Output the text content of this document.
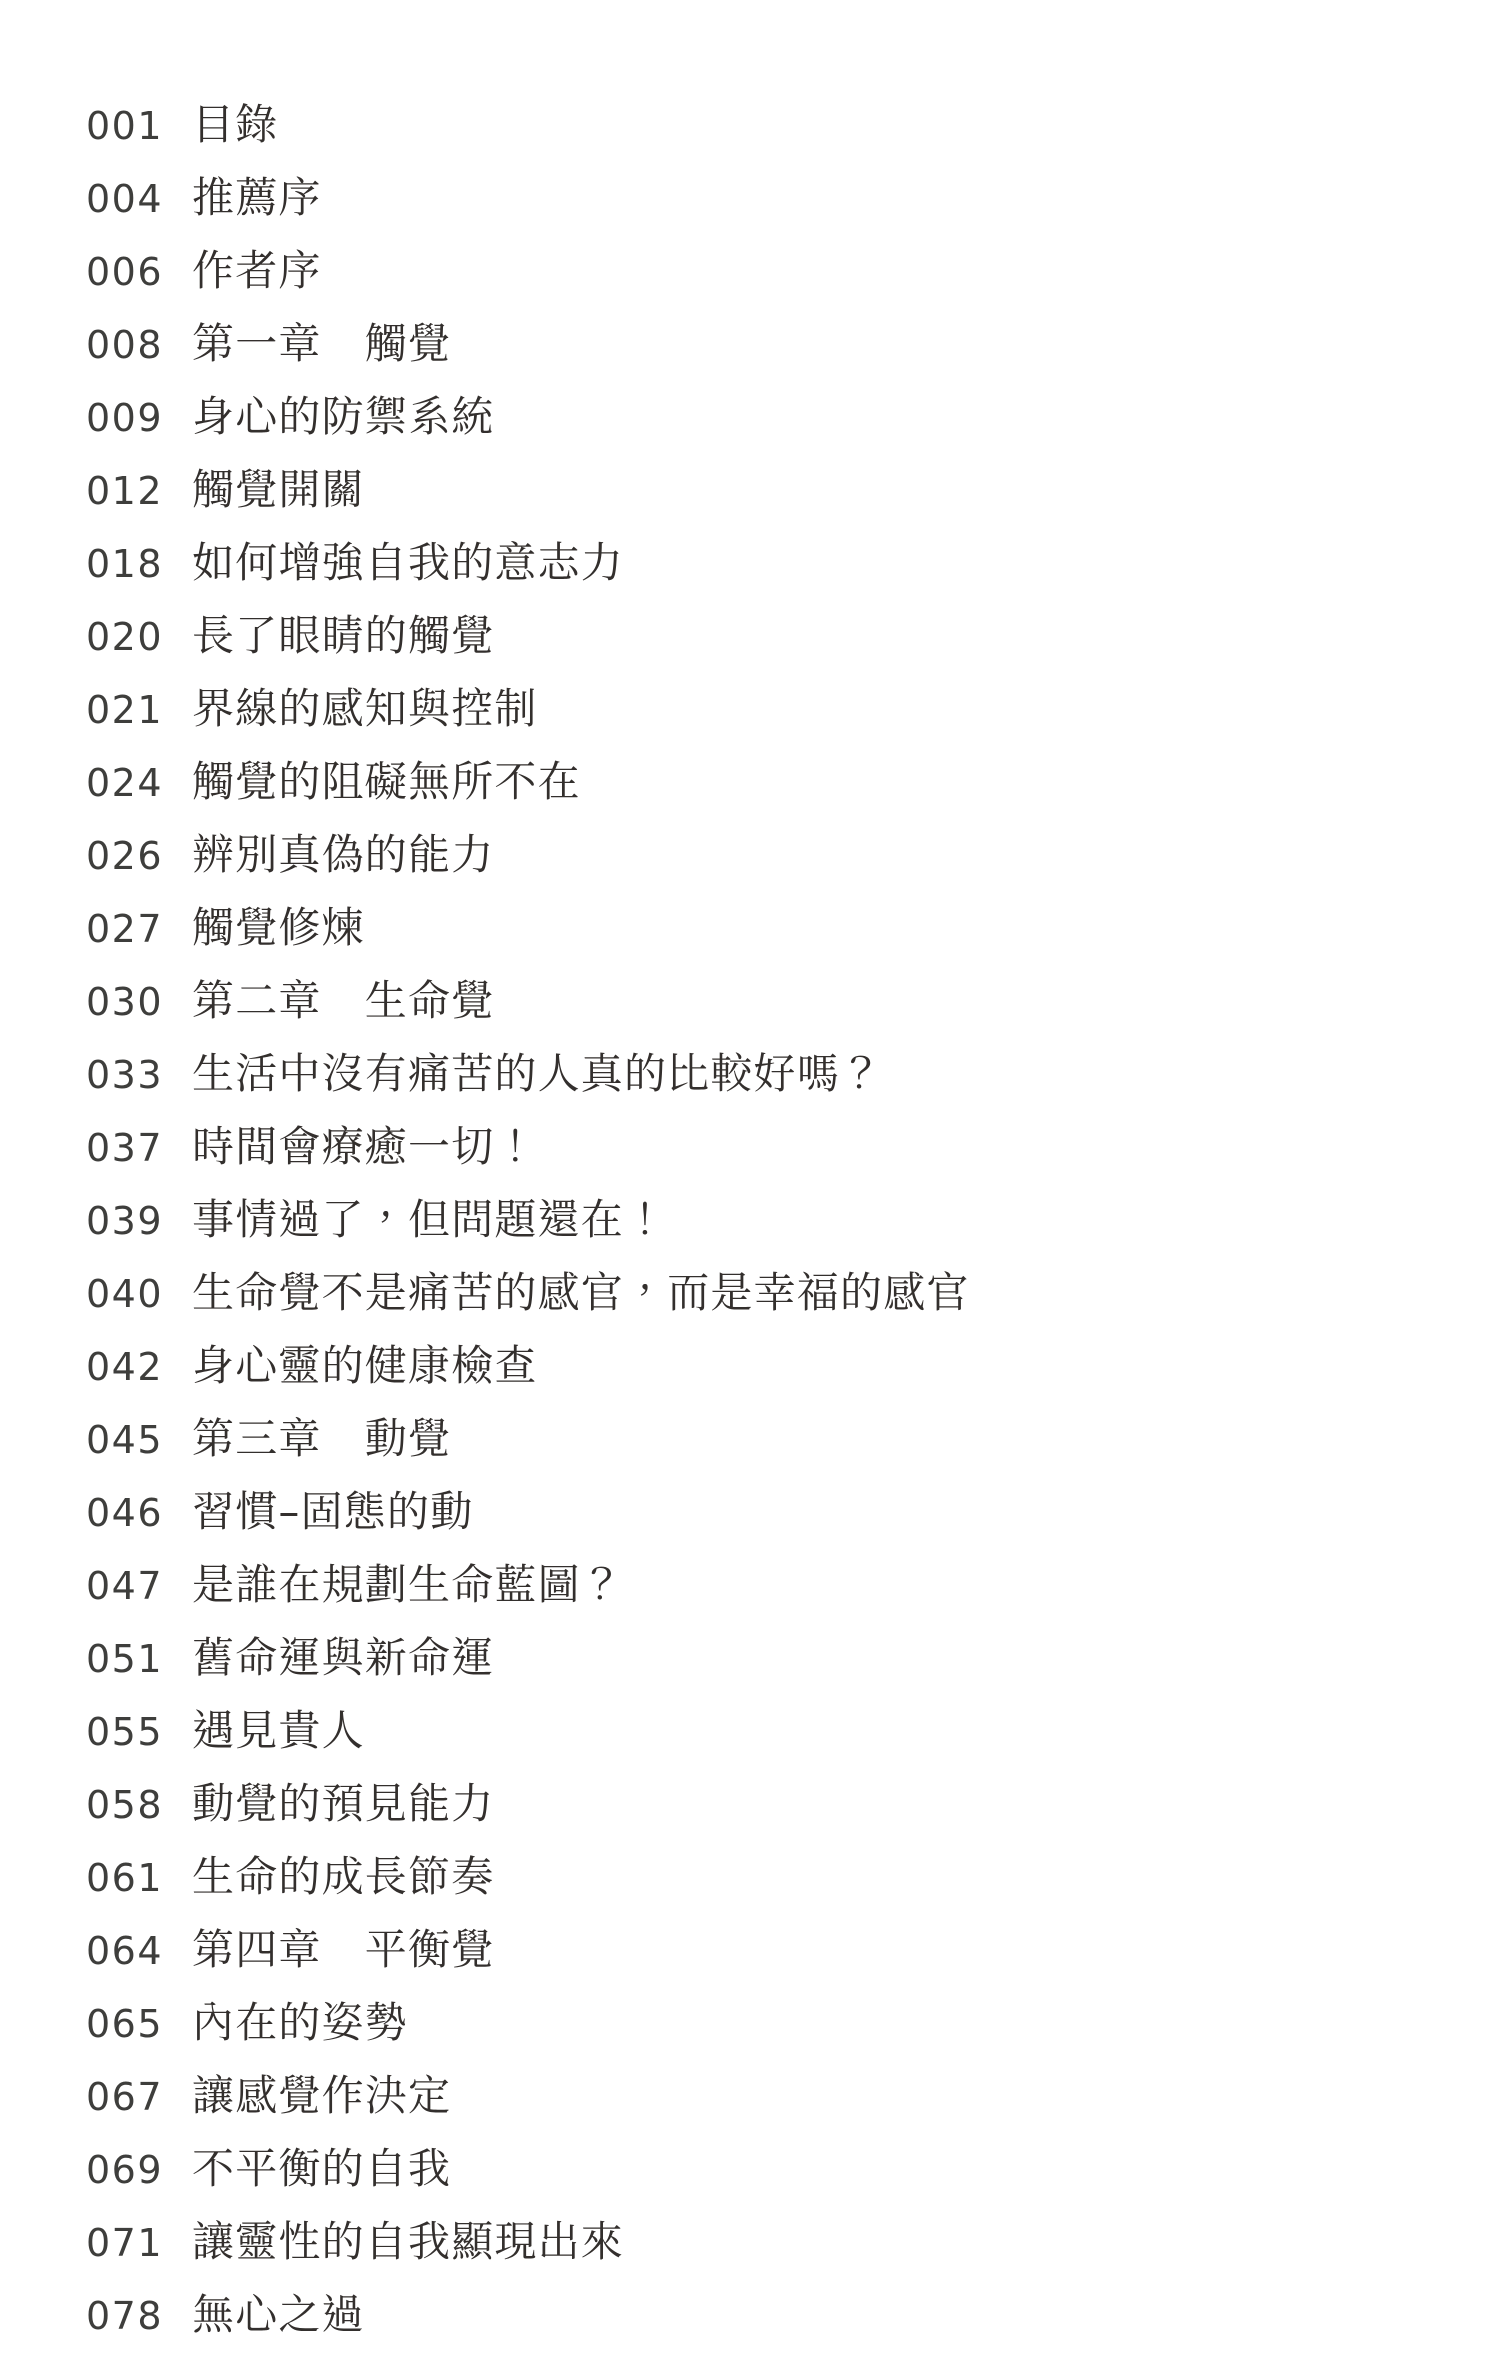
001 目錄
004 推薦序
006 作者序
008 第一章　觸覺
009 身心的防禦系統
012 觸覺開關
018 如何增強自我的意志力
020 長了眼睛的觸覺
021 界線的感知與控制
024 觸覺的阻礙無所不在
026 辨別真偽的能力
027 觸覺修煉
030 第二章　生命覺
033 生活中沒有痛苦的人真的比較好嗎？
037 時間會療癒一切！
039 事情過了，但問題還在！
040 生命覺不是痛苦的感官，而是幸福的感官
042 身心靈的健康檢查
045 第三章　動覺
046 習慣–固態的動
047 是誰在規劃生命藍圖？
051 舊命運與新命運
055 遇見貴人
058 動覺的預見能力
061 生命的成長節奏
064 第四章　平衡覺
065 內在的姿勢
067 讓感覺作決定
069 不平衡的自我
071 讓靈性的自我顯現出來
078 無心之過
